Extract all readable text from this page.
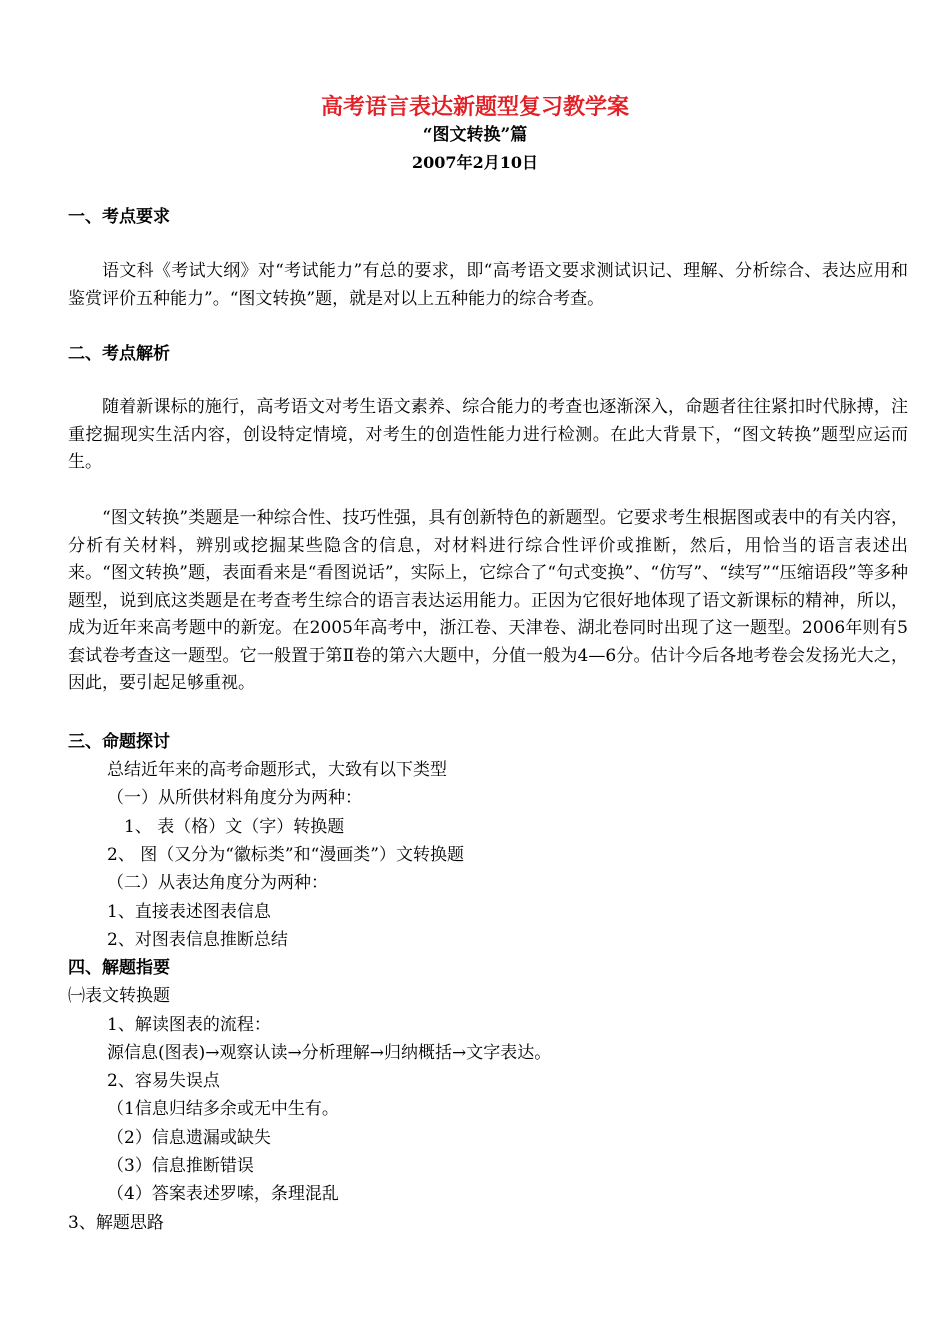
高考语言表达新题型复习教学案
“图文转换”篇
2007年2月10日
一、考点要求
语文科《考试大纲》对“考试能力”有总的要求，即“高考语文要求测试识记、理解、分析综合、表达应用和鉴赏评价五种能力”。“图文转换”题，就是对以上五种能力的综合考查。
二、考点解析
随着新课标的施行，高考语文对考生语文素养、综合能力的考查也逐渐深入，命题者往往紧扣时代脉搏，注重挖掘现实生活内容，创设特定情境，对考生的创造性能力进行检测。在此大背景下，“图文转换”题型应运而生。
“图文转换”类题是一种综合性、技巧性强，具有创新特色的新题型。它要求考生根据图或表中的有关内容，分析有关材料，辨别或挖掘某些隐含的信息，对材料进行综合性评价或推断，然后，用恰当的语言表述出来。“图文转换”题，表面看来是“看图说话”，实际上，它综合了“句式变换”、“仿写”、“续写”“压缩语段”等多种题型，说到底这类题是在考查考生综合的语言表达运用能力。正因为它很好地体现了语文新课标的精神，所以，成为近年来高考题中的新宠。在2005年高考中，浙江卷、天津卷、湖北卷同时出现了这一题型。2006年则有5套试卷考查这一题型。它一般置于第Ⅱ卷的第六大题中，分值一般为4—6分。估计今后各地考卷会发扬光大之，因此，要引起足够重视。
三、命题探讨
总结近年来的高考命题形式，大致有以下类型
（一）从所供材料角度分为两种：
1、 表（格）文（字）转换题
2、 图（又分为“徽标类”和“漫画类”）文转换题
（二）从表达角度分为两种：
1、直接表述图表信息
2、对图表信息推断总结
四、解题指要
㈠表文转换题
1、解读图表的流程：
源信息(图表)→观察认读→分析理解→归纳概括→文字表达。
2、容易失误点
（1信息归结多余或无中生有。
（2）信息遗漏或缺失
（3）信息推断错误
（4）答案表述罗嗦，条理混乱
3、解题思路
